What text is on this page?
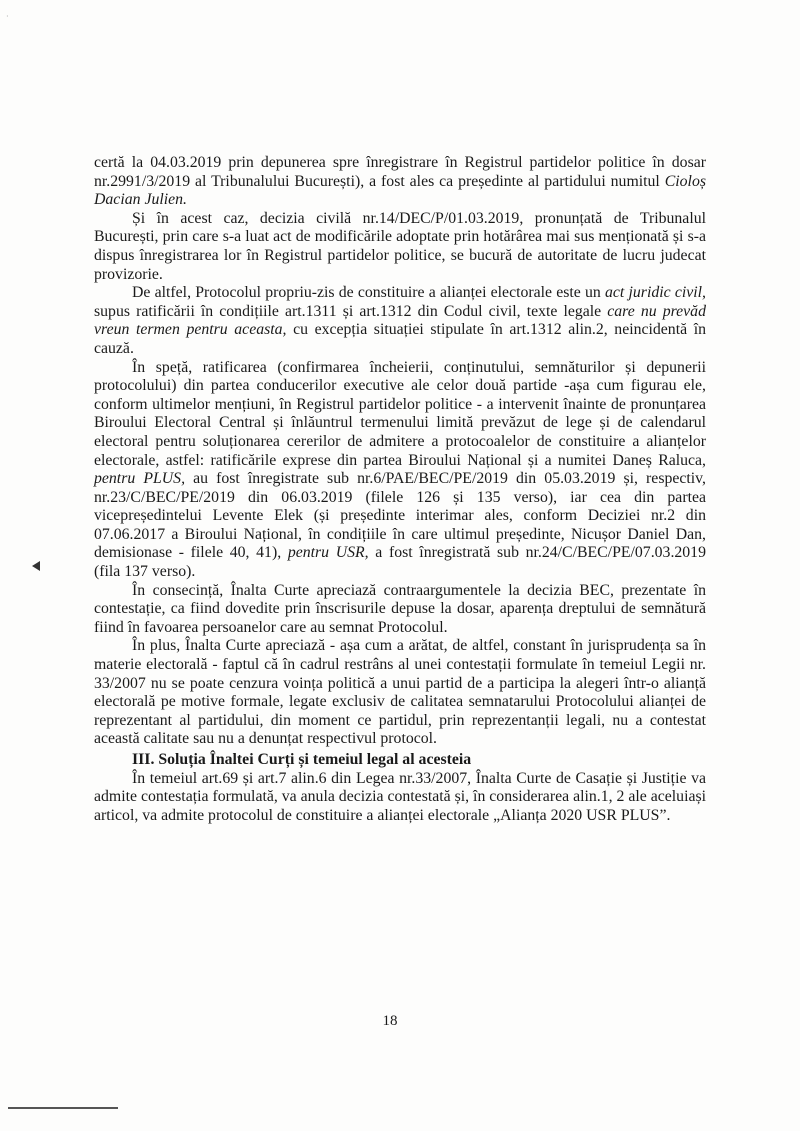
·

certă la 04.03.2019 prin depunerea spre înregistrare în Registrul partidelor politice în dosar nr.2991/3/2019 al Tribunalului București), a fost ales ca președinte al partidului numitul Cioloș Dacian Julien.

Și în acest caz, decizia civilă nr.14/DEC/P/01.03.2019, pronunțată de Tribunalul București, prin care s-a luat act de modificările adoptate prin hotărârea mai sus menționată și s-a dispus înregistrarea lor în Registrul partidelor politice, se bucură de autoritate de lucru judecat provizorie.

De altfel, Protocolul propriu-zis de constituire a alianței electorale este un act juridic civil, supus ratificării în condițiile art.1311 și art.1312 din Codul civil, texte legale care nu prevăd vreun termen pentru aceasta, cu excepția situației stipulate în art.1312 alin.2, neincidentă în cauză.

În speță, ratificarea (confirmarea încheierii, conținutului, semnăturilor și depunerii protocolului) din partea conducerilor executive ale celor două partide -așa cum figurau ele, conform ultimelor mențiuni, în Registrul partidelor politice - a intervenit înainte de pronunțarea Biroului Electoral Central și înlăuntrul termenului limită prevăzut de lege și de calendarul electoral pentru soluționarea cererilor de admitere a protocoalelor de constituire a alianțelor electorale, astfel: ratificările exprese din partea Biroului Național și a numitei Daneș Raluca, pentru PLUS, au fost înregistrate sub nr.6/PAE/BEC/PE/2019 din 05.03.2019 și, respectiv, nr.23/C/BEC/PE/2019 din 06.03.2019 (filele 126 și 135 verso), iar cea din partea vicepreședintelui Levente Elek (și președinte interimar ales, conform Deciziei nr.2 din 07.06.2017 a Biroului Național, în condițiile în care ultimul președinte, Nicușor Daniel Dan, demisionase - filele 40, 41), pentru USR, a fost înregistrată sub nr.24/C/BEC/PE/07.03.2019 (fila 137 verso).

În consecință, Înalta Curte apreciază contraargumentele la decizia BEC, prezentate în contestație, ca fiind dovedite prin înscrisurile depuse la dosar, aparența dreptului de semnătură fiind în favoarea persoanelor care au semnat Protocolul.

În plus, Înalta Curte apreciază - așa cum a arătat, de altfel, constant în jurisprudența sa în materie electorală - faptul că în cadrul restrâns al unei contestații formulate în temeiul Legii nr. 33/2007 nu se poate cenzura voința politică a unui partid de a participa la alegeri într-o alianță electorală pe motive formale, legate exclusiv de calitatea semnatarului Protocolului alianței de reprezentant al partidului, din moment ce partidul, prin reprezentanții legali, nu a contestat această calitate sau nu a denunțat respectivul protocol.

III. Soluția Înaltei Curți și temeiul legal al acesteia

În temeiul art.69 și art.7 alin.6 din Legea nr.33/2007, Înalta Curte de Casație și Justiție va admite contestația formulată, va anula decizia contestată și, în considerarea alin.1, 2 ale aceluiași articol, va admite protocolul de constituire a alianței electorale „Alianța 2020 USR PLUS”.

18
